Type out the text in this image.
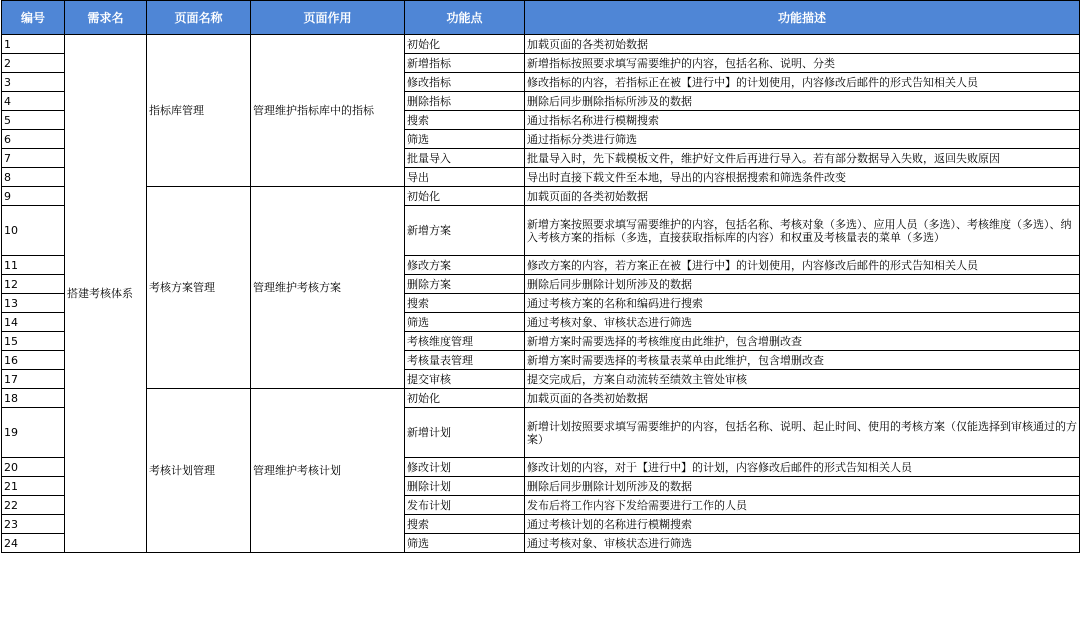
编号	需求名	页面名称	页面作用	功能点	功能描述
1	搭建考核体系	指标库管理	管理维护指标库中的指标	初始化	加载页面的各类初始数据
2				新增指标	新增指标按照要求填写需要维护的内容，包括名称、说明、分类
3				修改指标	修改指标的内容，若指标正在被【进行中】的计划使用，内容修改后邮件的形式告知相关人员
4				删除指标	删除后同步删除指标所涉及的数据
5				搜索	通过指标名称进行模糊搜索
6				筛选	通过指标分类进行筛选
7				批量导入	批量导入时，先下载模板文件，维护好文件后再进行导入。若有部分数据导入失败，返回失败原因
8				导出	导出时直接下载文件至本地，导出的内容根据搜索和筛选条件改变
9		考核方案管理	管理维护考核方案	初始化	加载页面的各类初始数据
10				新增方案	新增方案按照要求填写需要维护的内容，包括名称、考核对象（多选）、应用人员（多选）、考核维度（多选）、纳入考核方案的指标（多选，直接获取指标库的内容）和权重及考核量表的菜单（多选）
11				修改方案	修改方案的内容，若方案正在被【进行中】的计划使用，内容修改后邮件的形式告知相关人员
12				删除方案	删除后同步删除计划所涉及的数据
13				搜索	通过考核方案的名称和编码进行搜索
14				筛选	通过考核对象、审核状态进行筛选
15				考核维度管理	新增方案时需要选择的考核维度由此维护，包含增删改查
16				考核量表管理	新增方案时需要选择的考核量表菜单由此维护，包含增删改查
17				提交审核	提交完成后，方案自动流转至绩效主管处审核
18		考核计划管理	管理维护考核计划	初始化	加载页面的各类初始数据
19				新增计划	新增计划按照要求填写需要维护的内容，包括名称、说明、起止时间、使用的考核方案（仅能选择到审核通过的方案）
20				修改计划	修改计划的内容，对于【进行中】的计划，内容修改后邮件的形式告知相关人员
21				删除计划	删除后同步删除计划所涉及的数据
22				发布计划	发布后将工作内容下发给需要进行工作的人员
23				搜索	通过考核计划的名称进行模糊搜索
24				筛选	通过考核对象、审核状态进行筛选
